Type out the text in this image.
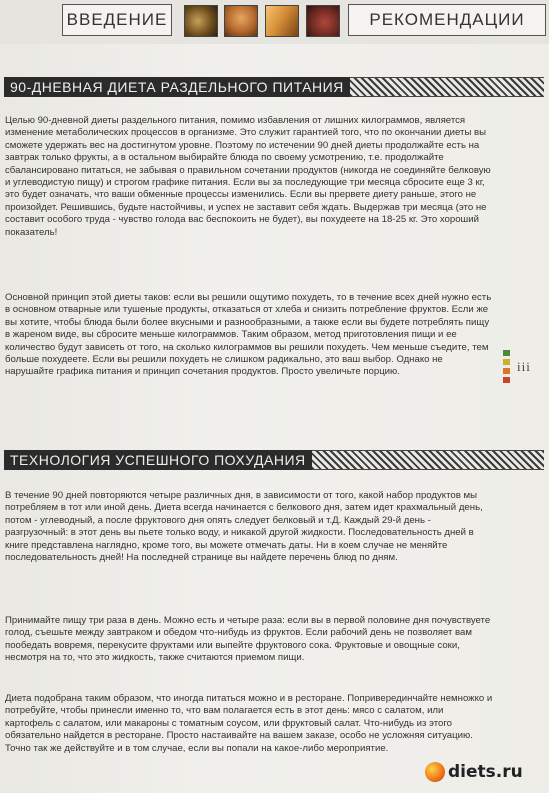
ВВЕДЕНИЕ	РЕКОМЕНДАЦИИ
90-ДНЕВНАЯ ДИЕТА РАЗДЕЛЬНОГО ПИТАНИЯ

Целью 90-дневной диеты раздельного питания, помимо избавления от лишних килограммов, является изменение метаболических процессов в организме. Это служит гарантией того, что по окончании диеты вы сможете удержать вес на достигнутом уровне. Поэтому по истечении 90 дней диеты продолжайте есть на завтрак только фрукты, а в остальном выбирайте блюда по своему усмотрению, т.е. продолжайте сбалансировано питаться, не забывая о правильном сочетании продуктов (никогда не соединяйте белковую и углеводистую пищу) и строгом графике питания. Если вы за последующие три месяца сбросите еще 3 кг, это будет означать, что ваши обменные процессы изменились. Если вы прервете диету раньше, этого не произойдет. Решившись, будьте настойчивы, и успех не заставит себя ждать. Выдержав три месяца (это не составит особого труда - чувство голода вас беспокоить не будет), вы похудеете на 18-25 кг. Это хороший показатель!

Основной принцип этой диеты таков: если вы решили ощутимо похудеть, то в течение всех дней нужно есть в основном отварные или тушеные продукты, отказаться от хлеба и снизить потребление фруктов. Если же вы хотите, чтобы блюда были более вкусными и разнообразными, а также если вы будете потреблять пищу в жареном виде, вы сбросите меньше килограммов. Таким образом, метод приготовления пищи и ее количество будут зависеть от того, на сколько килограммов вы решили похудеть. Чем меньше съедите, тем больше похудеете. Если вы решили похудеть не слишком радикально, это ваш выбор. Однако не нарушайте графика питания и принцип сочетания продуктов. Просто увеличьте порцию.	iii
ТЕХНОЛОГИЯ УСПЕШНОГО ПОХУДАНИЯ

В течение 90 дней повторяются четыре различных дня, в зависимости от того, какой набор продуктов мы потребляем в тот или иной день. Диета всегда начинается с белкового дня, затем идет крахмальный день, потом - углеводный, а после фруктового дня опять следует белковый и т.Д. Каждый 29-й день - разгрузочный: в этот день вы пьете только воду, и никакой другой жидкости. Последовательность дней в книге представлена наглядно, кроме того, вы можете отмечать даты. Ни в коем случае не меняйте последовательность дней! На последней странице вы найдете перечень блюд по дням.

Принимайте пищу три раза в день. Можно есть и четыре раза: если вы в первой половине дня почувствуете голод, съешьте между завтраком и обедом что-нибудь из фруктов. Если рабочий день не позволяет вам пообедать вовремя, перекусите фруктами или выпейте фруктового сока. Фруктовые и овощные соки, несмотря на то, что это жидкость, также считаются приемом пищи.

Диета подобрана таким образом, что иногда питаться можно и в ресторане. Поприверединчайте немножко и потребуйте, чтобы принесли именно то, что вам полагается есть в этот день: мясо с салатом, или картофель с салатом, или макароны с томатным соусом, или фруктовый салат. Что-нибудь из этого обязательно найдется в ресторане. Просто настаивайте на вашем заказе, особо не усложняя ситуацию. Точно так же действуйте и в том случае, если вы попали на какое-либо мероприятие.

diets.ru
